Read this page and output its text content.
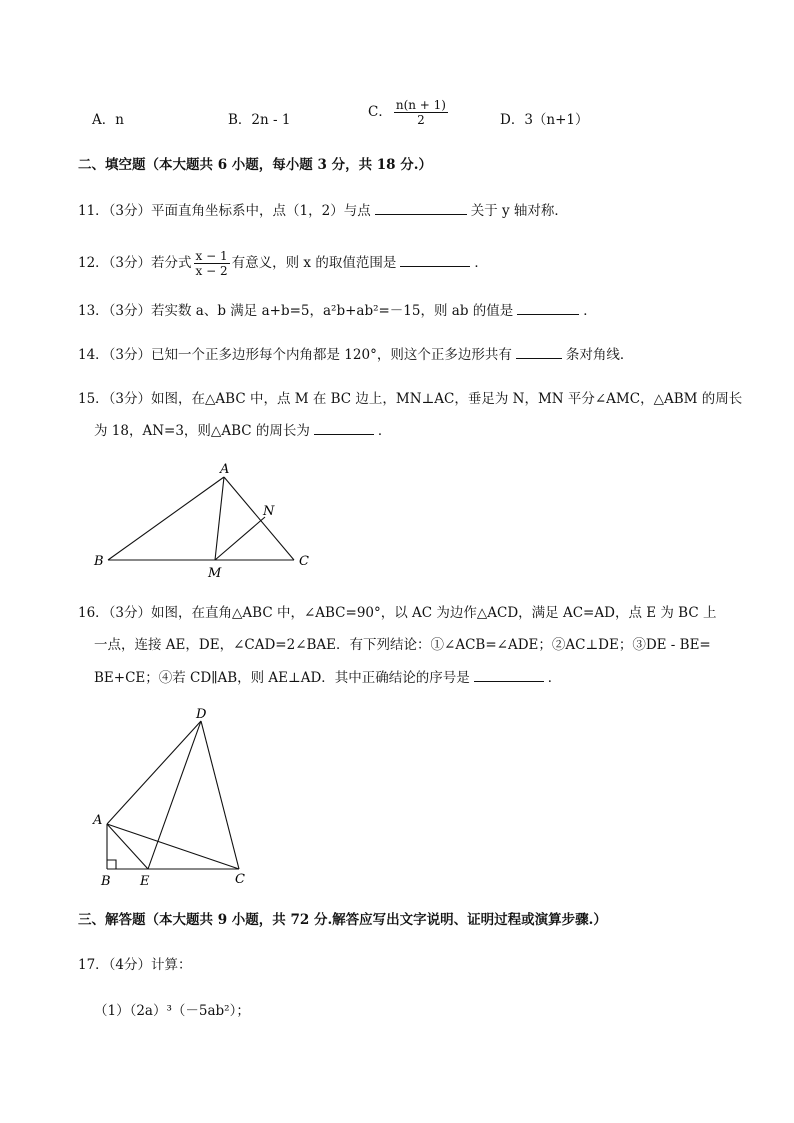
A．n	B．2n - 1	C． $\frac{n(n + 1)}{2}$	D．3（n+1）
二、填空题（本大题共 6 小题，每小题 3 分，共 18 分.）
11．（3分）平面直角坐标系中，点（1，2）与点	关于 y 轴对称．
12．（3分）若分式 $\frac{x - 1}{x - 2}$ 有意义，则 x 的取值范围是	．
13．（3分）若实数 a、b 满足 a+b=5，a²b+ab²=－15，则 ab 的值是	．
14．（3分）已知一个正多边形每个内角都是 120°，则这个正多边形共有	条对角线．
15．（3分）如图，在△ABC 中，点 M 在 BC 边上，MN⊥AC，垂足为 N，MN 平分∠AMC，△ABM 的周长
为 18，AN=3，则△ABC 的周长为	．
A
B	C
M
N
16．（3分）如图，在直角△ABC 中，∠ABC=90°，以 AC 为边作△ACD，满足 AC=AD，点 E 为 BC 上
一点，连接 AE，DE，∠CAD=2∠BAE．有下列结论：①∠ACB=∠ADE；②AC⊥DE；③DE - BE=
BE+CE；④若 CD∥AB，则 AE⊥AD．其中正确结论的序号是	．
D
A
B E	C
三、解答题（本大题共 9 小题，共 72 分.解答应写出文字说明、证明过程或演算步骤.）
17．（4分）计算：
（1）（2a）³（－5ab²）；
